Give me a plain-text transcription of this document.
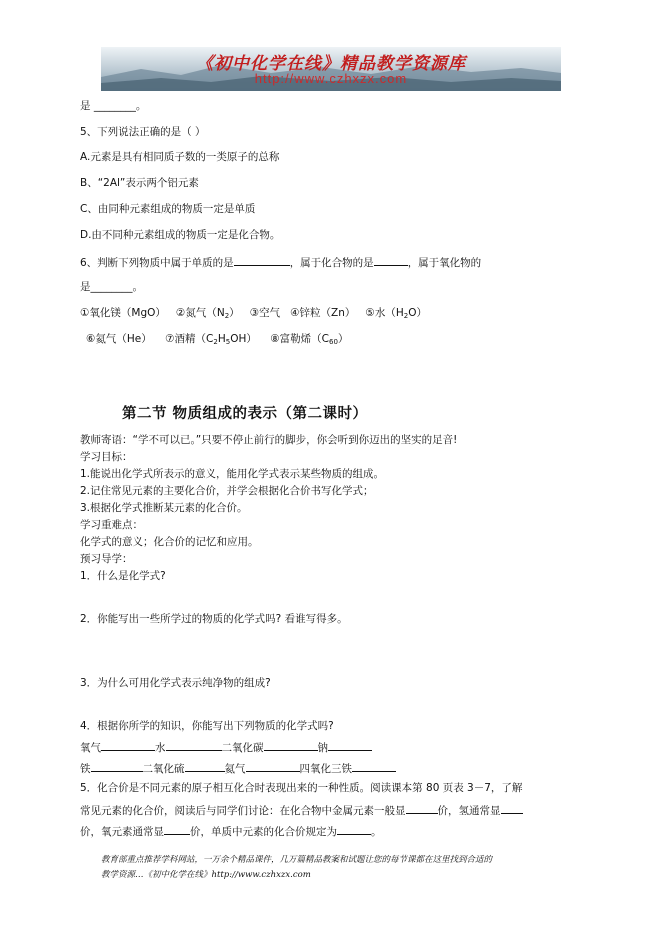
《初中化学在线》精品教学资源库
http://www.czhxzx.com
是 ________。
5、下列说法正确的是（ ）
A.元素是具有相同质子数的一类原子的总称
B、“2Al”表示两个铝元素
C、由同种元素组成的物质一定是单质
D.由不同种元素组成的物质一定是化合物。
6、判断下列物质中属于单质的是	，属于化合物的是	，属于氧化物的
是________。
①氧化镁（MgO） ②氮气$(N_2)$ ③空气 ④锌粒（Zn） ⑤水$(H_2O)$
⑥氦气（He） ⑦酒精$(C_2H_5OH)$ ⑧富勒烯$(C_{60})$
第二节 物质组成的表示（第二课时）
教师寄语：“学不可以已。”只要不停止前行的脚步，你会听到你迈出的坚实的足音!
学习目标：
1.能说出化学式所表示的意义，能用化学式表示某些物质的组成。
2.记住常见元素的主要化合价，并学会根据化合价书写化学式；
3.根据化学式推断某元素的化合价。
学习重难点：
化学式的意义；化合价的记忆和应用。
预习导学：
1．什么是化学式?
2．你能写出一些所学过的物质的化学式吗? 看谁写得多。
3．为什么可用化学式表示纯净物的组成?
4．根据你所学的知识，你能写出下列物质的化学式吗?
氧气	水	二氧化碳	钠
铁	二氧化硫	氦气	四氧化三铁
5．化合价是不同元素的原子相互化合时表现出来的一种性质。阅读课本第 80 页表 3－7，了解
常见元素的化合价，阅读后与同学们讨论：在化合物中金属元素一般显	价，氢通常显
价，氧元素通常显 价，单质中元素的化合价规定为	。
教育部重点推荐学科网站，一万余个精品课件，几万篇精品教案和试题让您的每节课都在这里找到合适的
教学资源…《初中化学在线》http://www.czhxzx.com
